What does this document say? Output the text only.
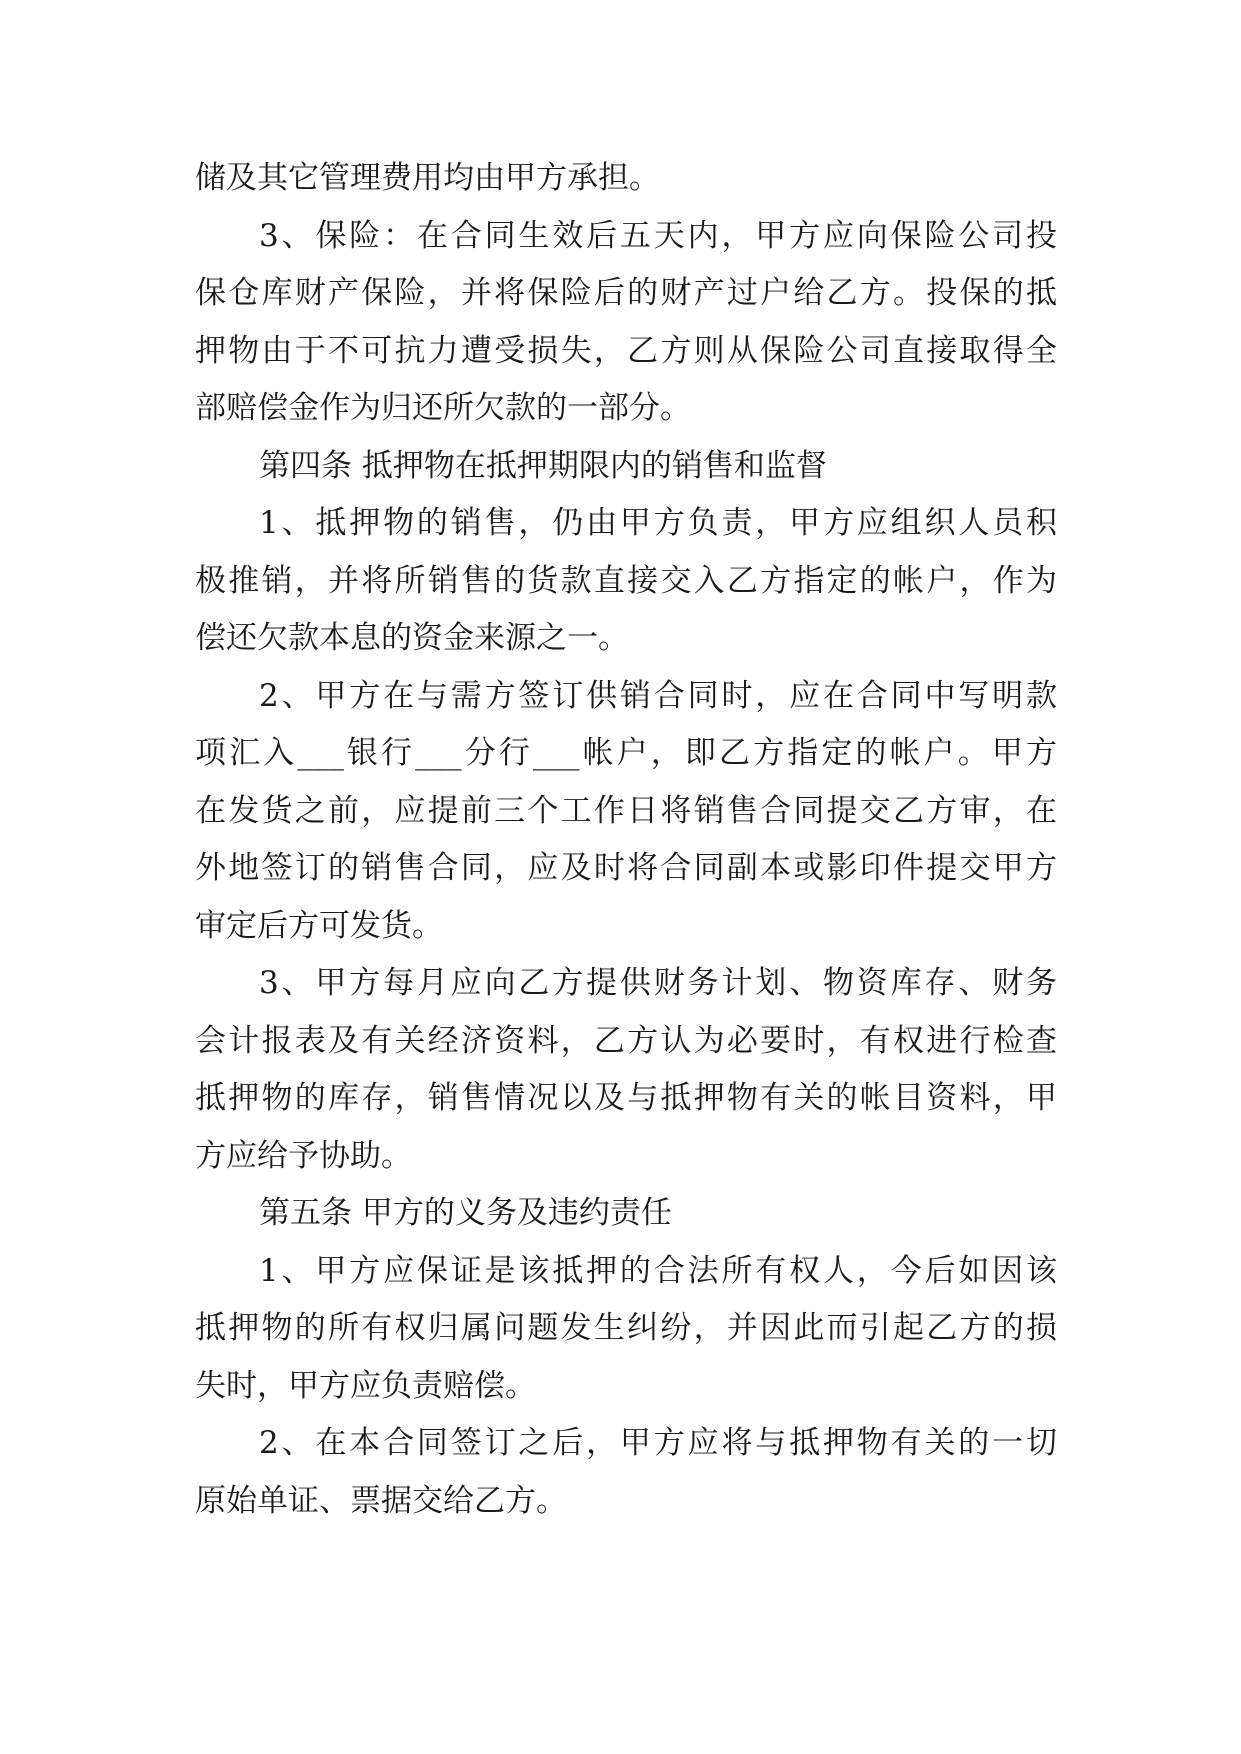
储及其它管理费用均由甲方承担。
3、保险：在合同生效后五天内，甲方应向保险公司投
保仓库财产保险，并将保险后的财产过户给乙方。投保的抵
押物由于不可抗力遭受损失，乙方则从保险公司直接取得全
部赔偿金作为归还所欠款的一部分。
第四条 抵押物在抵押期限内的销售和监督
1、抵押物的销售，仍由甲方负责，甲方应组织人员积
极推销，并将所销售的货款直接交入乙方指定的帐户，作为
偿还欠款本息的资金来源之一。
2、甲方在与需方签订供销合同时，应在合同中写明款
项汇入___银行___分行___帐户，即乙方指定的帐户。甲方
在发货之前，应提前三个工作日将销售合同提交乙方审，在
外地签订的销售合同，应及时将合同副本或影印件提交甲方
审定后方可发货。
3、甲方每月应向乙方提供财务计划、物资库存、财务
会计报表及有关经济资料，乙方认为必要时，有权进行检查
抵押物的库存，销售情况以及与抵押物有关的帐目资料，甲
方应给予协助。
第五条 甲方的义务及违约责任
1、甲方应保证是该抵押的合法所有权人，今后如因该
抵押物的所有权归属问题发生纠纷，并因此而引起乙方的损
失时，甲方应负责赔偿。
2、在本合同签订之后，甲方应将与抵押物有关的一切
原始单证、票据交给乙方。
